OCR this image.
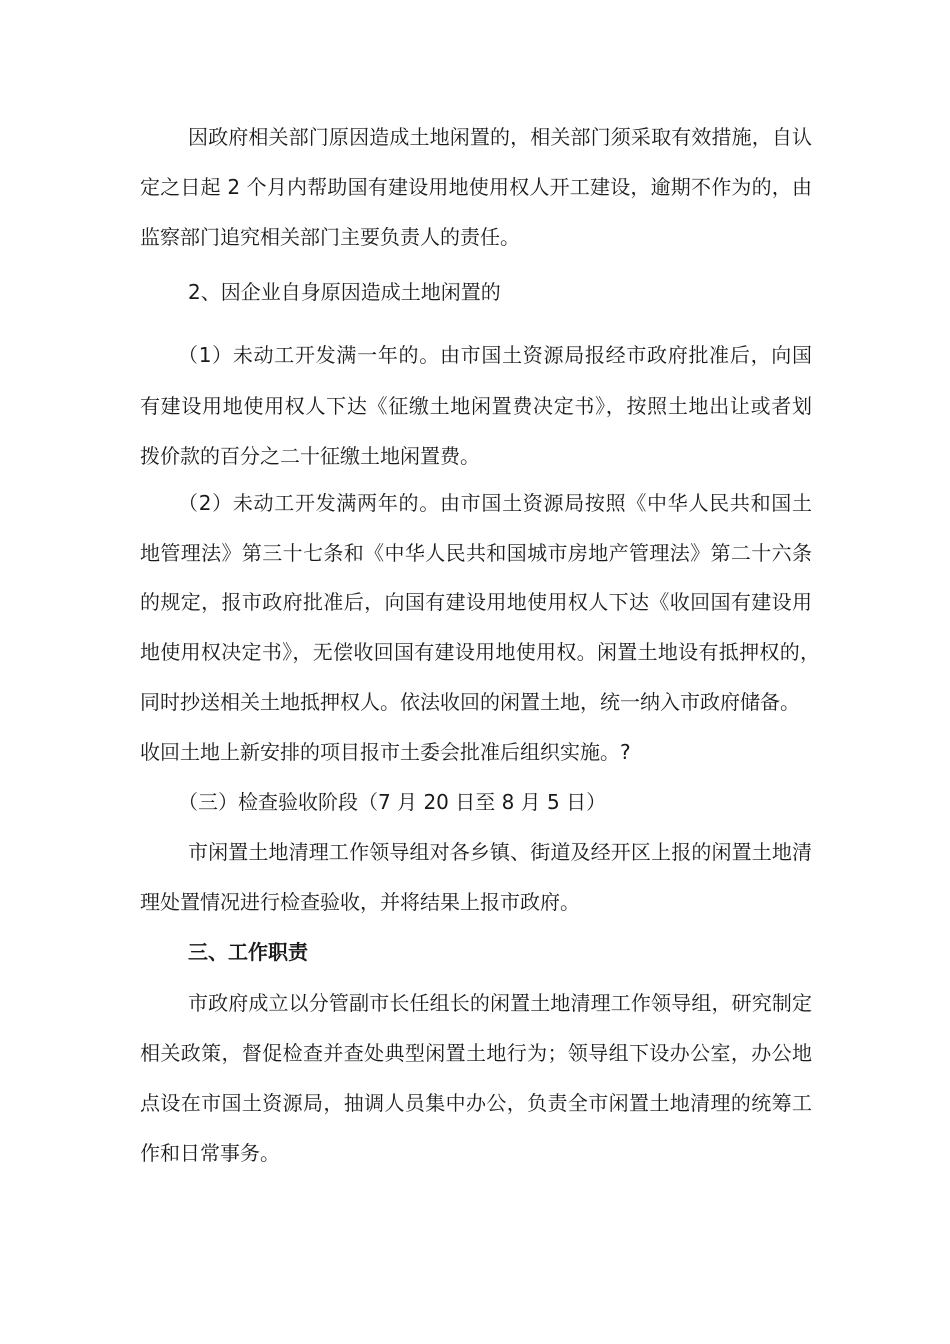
因政府相关部门原因造成土地闲置的，相关部门须采取有效措施，自认
定之日起 2 个月内帮助国有建设用地使用权人开工建设，逾期不作为的，由
监察部门追究相关部门主要负责人的责任。
2、因企业自身原因造成土地闲置的
（1）未动工开发满一年的。由市国土资源局报经市政府批准后，向国
有建设用地使用权人下达《征缴土地闲置费决定书》，按照土地出让或者划
拨价款的百分之二十征缴土地闲置费。
（2）未动工开发满两年的。由市国土资源局按照《中华人民共和国土
地管理法》第三十七条和《中华人民共和国城市房地产管理法》第二十六条
的规定，报市政府批准后，向国有建设用地使用权人下达《收回国有建设用
地使用权决定书》，无偿收回国有建设用地使用权。闲置土地设有抵押权的，
同时抄送相关土地抵押权人。依法收回的闲置土地，统一纳入市政府储备。
收回土地上新安排的项目报市土委会批准后组织实施。?
（三）检查验收阶段（7 月 20 日至 8 月 5 日）
市闲置土地清理工作领导组对各乡镇、街道及经开区上报的闲置土地清
理处置情况进行检查验收，并将结果上报市政府。
三、工作职责
市政府成立以分管副市长任组长的闲置土地清理工作领导组，研究制定
相关政策，督促检查并查处典型闲置土地行为；领导组下设办公室，办公地
点设在市国土资源局，抽调人员集中办公，负责全市闲置土地清理的统筹工
作和日常事务。
